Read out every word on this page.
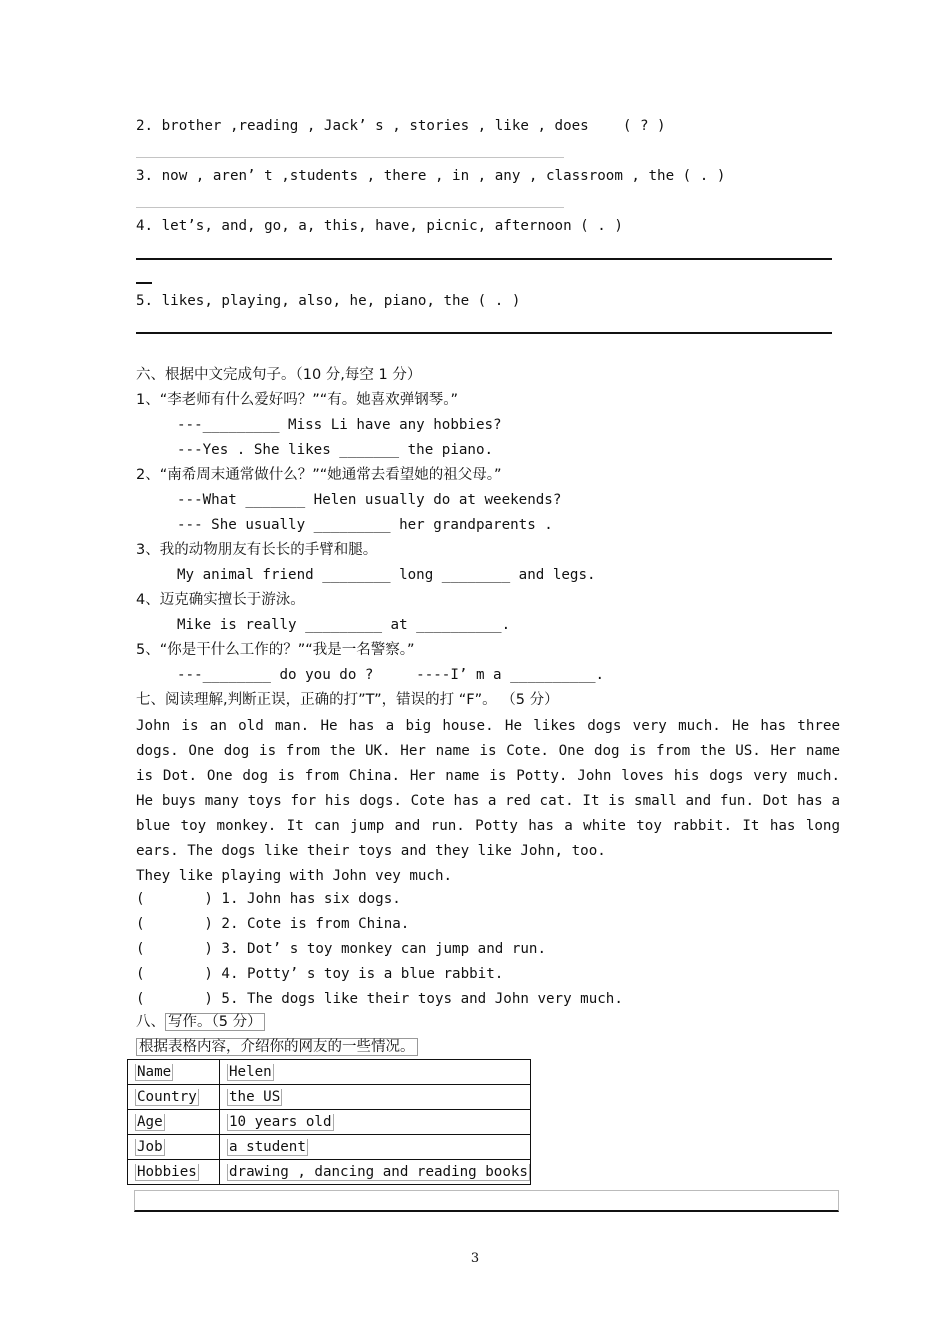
2. brother ,reading , Jack’ s , stories , like , does    ( ? )
3. now , aren’ t ,students , there , in , any , classroom , the ( . )
4. let’s, and, go, a, this, have, picnic, afternoon ( . )
5. likes, playing, also, he, piano, the ( . )
六、根据中文完成句子。（10 分,每空 1 分）
1、“李老师有什么爱好吗？”“有。她喜欢弹钢琴。”
---_________ Miss Li have any hobbies?
---Yes . She likes _______ the piano.
2、“南希周末通常做什么？”“她通常去看望她的祖父母。”
---What _______ Helen usually do at weekends?
--- She usually _________ her grandparents .
3、我的动物朋友有长长的手臂和腿。
My animal friend ________ long ________ and legs.
4、迈克确实擅长于游泳。
Mike is really _________ at __________.
5、“你是干什么工作的？”“我是一名警察。”
---________ do you do ?     ----I’ m a __________.
七、阅读理解,判断正误，正确的打”T”，错误的打 “F”。 （5 分）

John is an old man. He has a big house. He likes dogs very much. He has three dogs. One dog is from the UK. Her name is Cote. One dog is from the US. Her name is Dot. One dog is from China. Her name is Potty. John loves his dogs very much. He buys many toys for his dogs. Cote has a red cat. It is small and fun. Dot has a blue toy monkey. It can jump and run. Potty has a white toy rabbit. It has long ears. The dogs like their toys and they like John, too.
They like playing with John vey much.

(       ) 1. John has six dogs.
(       ) 2. Cote is from China.
(       ) 3. Dot’ s toy monkey can jump and run.
(       ) 4. Potty’ s toy is a blue rabbit.
(       ) 5. The dogs like their toys and John very much.
八、 写作。（5 分）
根据表格内容，介绍你的网友的一些情况。
Name	Helen
Country	the US
Age	10 years old
Job	a student
Hobbies	drawing , dancing and reading books
3
